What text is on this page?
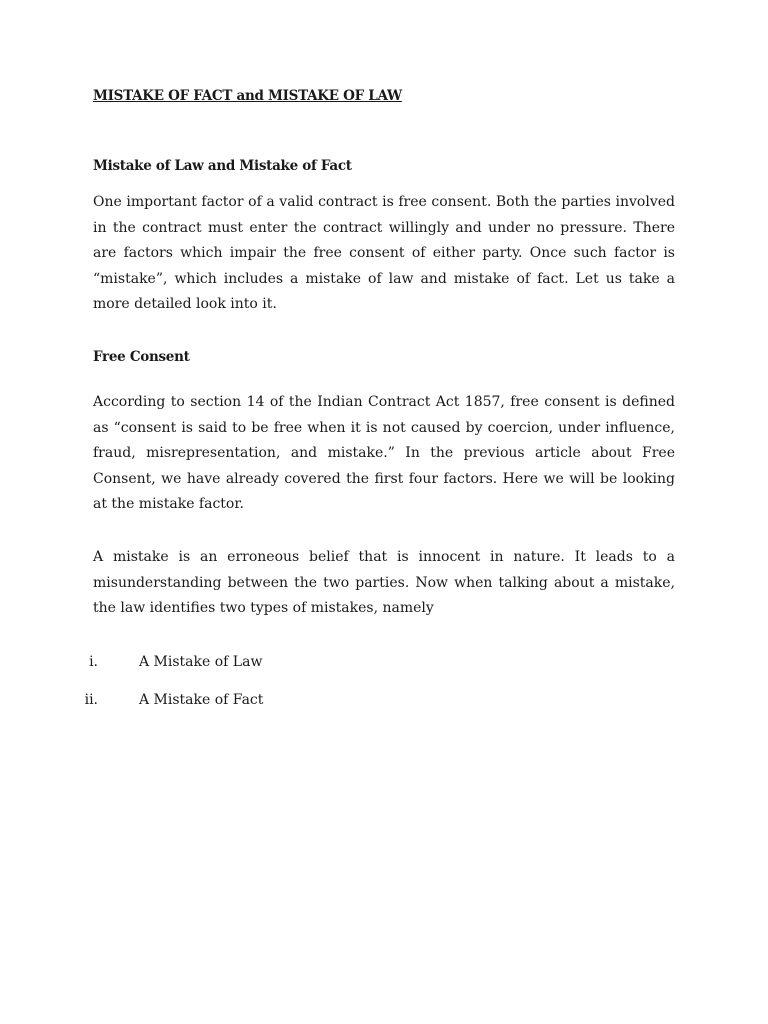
MISTAKE OF FACT and MISTAKE OF LAW
Mistake of Law and Mistake of Fact

One important factor of a valid contract is free consent. Both the parties involved in the contract must enter the contract willingly and under no pressure. There are factors which impair the free consent of either party. Once such factor is “mistake”, which includes a mistake of law and mistake of fact. Let us take a more detailed look into it.

Free Consent

According to section 14 of the Indian Contract Act 1857, free consent is defined as “consent is said to be free when it is not caused by coercion, under influence, fraud, misrepresentation, and mistake.” In the previous article about Free Consent, we have already covered the first four factors. Here we will be looking at the mistake factor.

A mistake is an erroneous belief that is innocent in nature. It leads to a misunderstanding between the two parties. Now when talking about a mistake, the law identifies two types of mistakes, namely

i.	A Mistake of Law
ii.	A Mistake of Fact
